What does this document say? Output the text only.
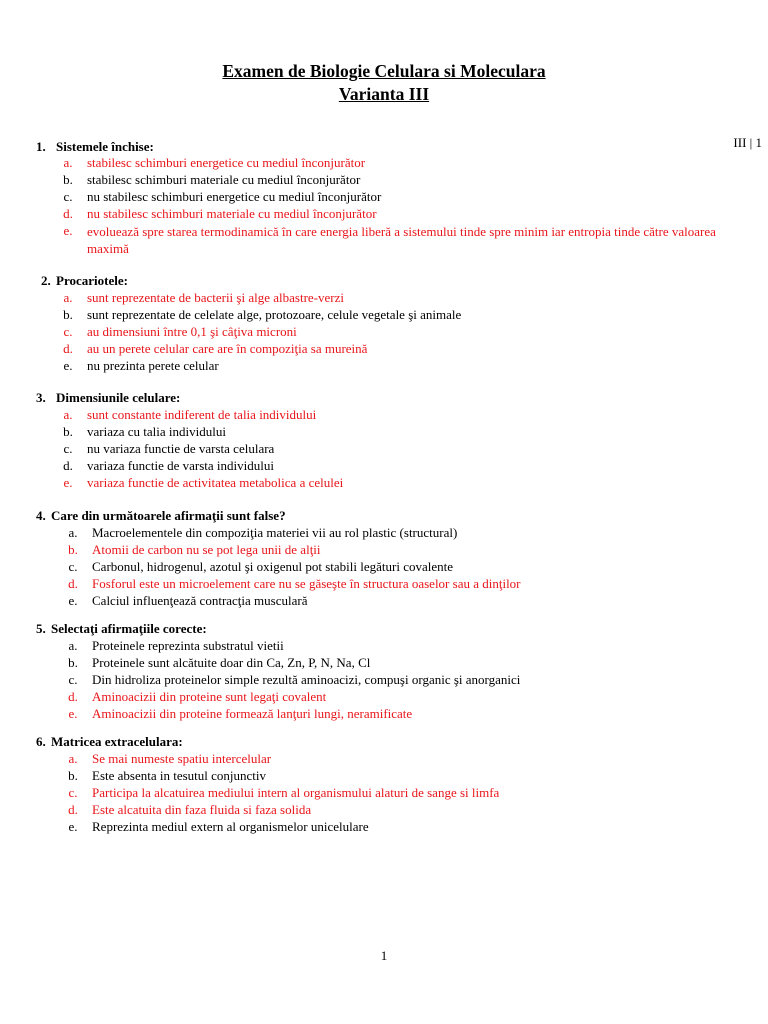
III | 1
Examen de Biologie Celulara si Moleculara
Varianta III
1. Sistemele închise:
a.	stabilesc schimburi energetice cu mediul înconjurător
b.	stabilesc schimburi materiale cu mediul înconjurător
c.	nu stabilesc schimburi energetice cu mediul înconjurător
d.	nu stabilesc schimburi materiale cu mediul înconjurător
e.	evoluează spre starea termodinamică în care energia liberă a sistemului tinde spre minim iar entropia tinde către valoarea maximă
2. Procariotele:
a.	sunt reprezentate de bacterii şi alge albastre-verzi
b.	sunt reprezentate de celelate alge, protozoare, celule vegetale şi animale
c.	au dimensiuni între 0,1 şi câţiva microni
d.	au un perete celular care are în compoziţia sa mureină
e.	nu prezinta perete celular
3. Dimensiunile celulare:
a.	sunt constante indiferent de talia individului
b.	variaza cu talia individului
c.	nu variaza functie de varsta celulara
d.	variaza functie de varsta individului
e.	variaza functie de activitatea metabolica a celulei
4. Care din următoarele afirmaţii sunt false?
a.	Macroelementele din compoziţia materiei vii au rol plastic (structural)
b.	Atomii de carbon nu se pot lega unii de alţii
c.	Carbonul, hidrogenul, azotul şi oxigenul pot stabili legături covalente
d.	Fosforul este un microelement care nu se găseşte în structura oaselor sau a dinţilor
e.	Calciul influenţează contracţia musculară
5. Selectaţi afirmaţiile corecte:
a.	Proteinele reprezinta substratul vietii
b.	Proteinele sunt alcătuite doar din Ca, Zn, P, N, Na, Cl
c.	Din hidroliza proteinelor simple rezultă aminoacizi, compuşi organic şi anorganici
d.	Aminoacizii din proteine sunt legaţi covalent
e.	Aminoacizii din proteine formează lanţuri lungi, neramificate
6. Matricea extracelulara:
a.	Se mai numeste spatiu intercelular
b.	Este absenta in tesutul conjunctiv
c.	Participa la alcatuirea mediului intern al organismului alaturi de sange si limfa
d.	Este alcatuita din faza fluida si faza solida
e.	Reprezinta mediul extern al organismelor unicelulare
1
